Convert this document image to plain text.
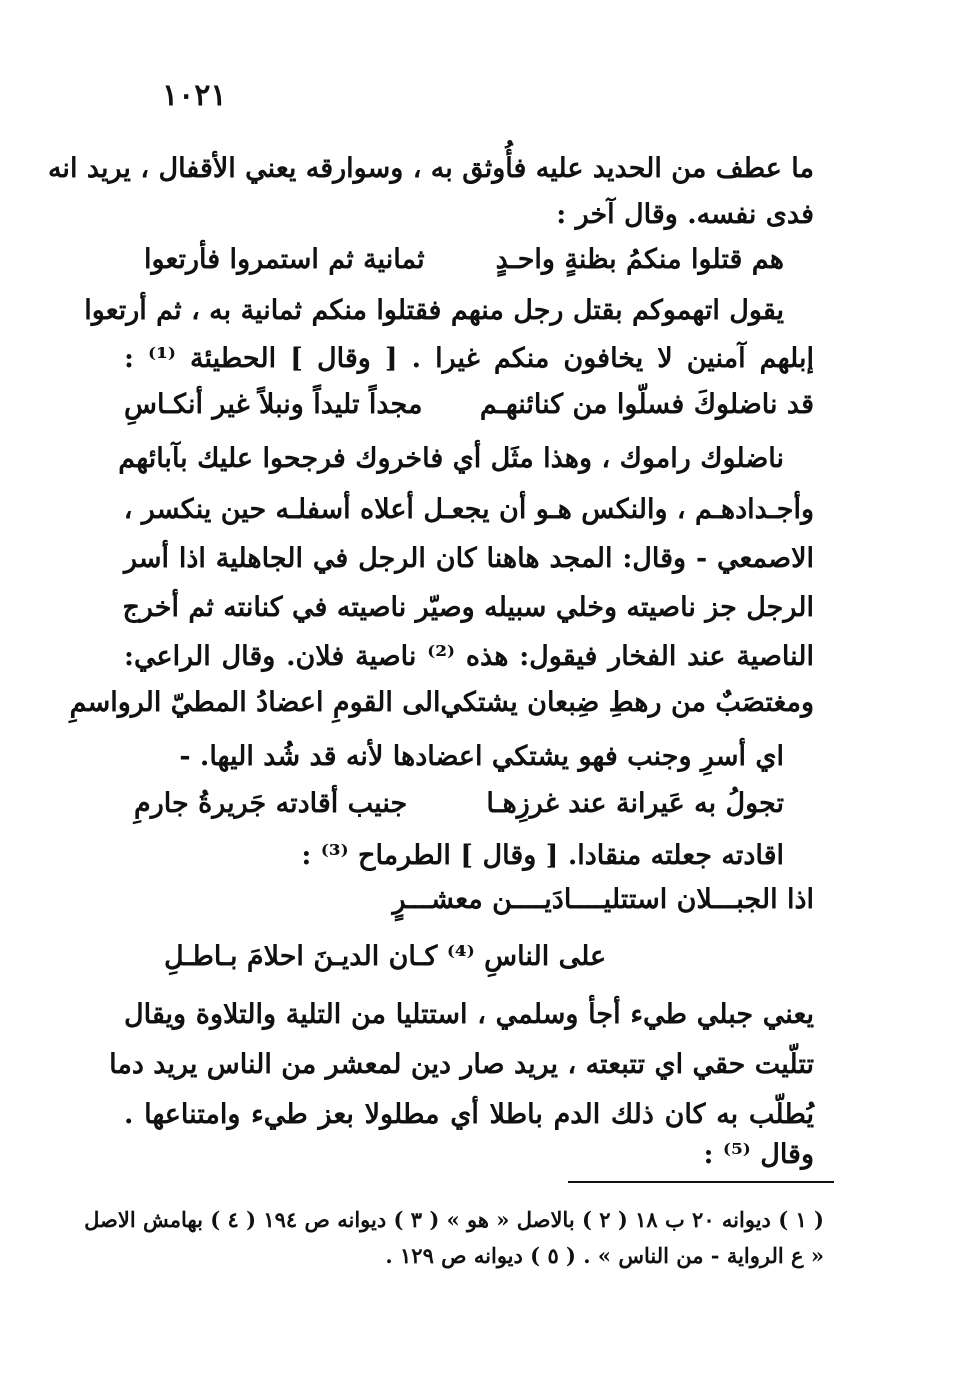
١٠٢١
ما عطف من الحديد عليه فأُوثق به ، وسوارقه يعني الأقفال ، يريد انه
فدى نفسه. وقال آخر :
هم قتلوا منكمُ بظنةٍ واحـدٍ
ثمانية ثم استمروا فأرتعوا
يقول اتهموكم بقتل رجل منهم فقتلوا منكم ثمانية به ، ثم أرتعوا
إبلهم آمنين لا يخافون منكم غيرا . [ وقال ] الحطيئة ⁽¹⁾ :
قد ناضلوكَ فسلّوا من كنائنهـم
مجداً تليداً ونبلاً غير أنكـاسِ
ناضلوك راموك ، وهذا مثَل أي فاخروك فرجحوا عليك بآبائهم
وأجـدادهـم ، والنكس هـو أن يجعـل أعلاه أسفلـه حين ينكسر ،
الاصمعي - وقال: المجد هاهنا كان الرجل في الجاهلية اذا أسر
الرجل جز ناصيته وخلي سبيله وصيّر ناصيته في كنانته ثم أخرج
الناصية عند الفخار فيقول: هذه ⁽²⁾ ناصية فلان. وقال الراعي:
ومغتصَبٌ من رهطِ ضِبعان يشتكي
الى القومِ اعضادُ المطيّ الرواسمِ
اي أسرِ وجنب فهو يشتكي اعضادها لأنه قد شُد اليها. -
تجولُ به عَيرانة عند غرزِهـا
جنيب أقادته جَريرةُ جارمِ
اقادته جعلته منقادا. [ وقال ] الطرماح ⁽³⁾ :
اذا الجبـــلان استتليــــادَيــــن معشـــرٍ
على الناسِ ⁽⁴⁾ كـان الديـنَ احلامَ بـاطـلِ
يعني جبلي طيء أجأ وسلمي ، استتليا من التلية والتلاوة ويقال
تتلّيت حقي اي تتبعته ، يريد صار دين لمعشر من الناس يريد دما
يُطلّب به كان ذلك الدم باطلا أي مطلولا بعز طيء وامتناعها .
وقال ⁽⁵⁾ :
( ١ ) ديوانه ٢٠ ب ١٨ ( ٢ ) بالاصل « هو » ( ٣ ) ديوانه ص ١٩٤ ( ٤ ) بهامش الاصل
« ع الرواية - من الناس » . ( ٥ ) ديوانه ص ١٢٩ .
